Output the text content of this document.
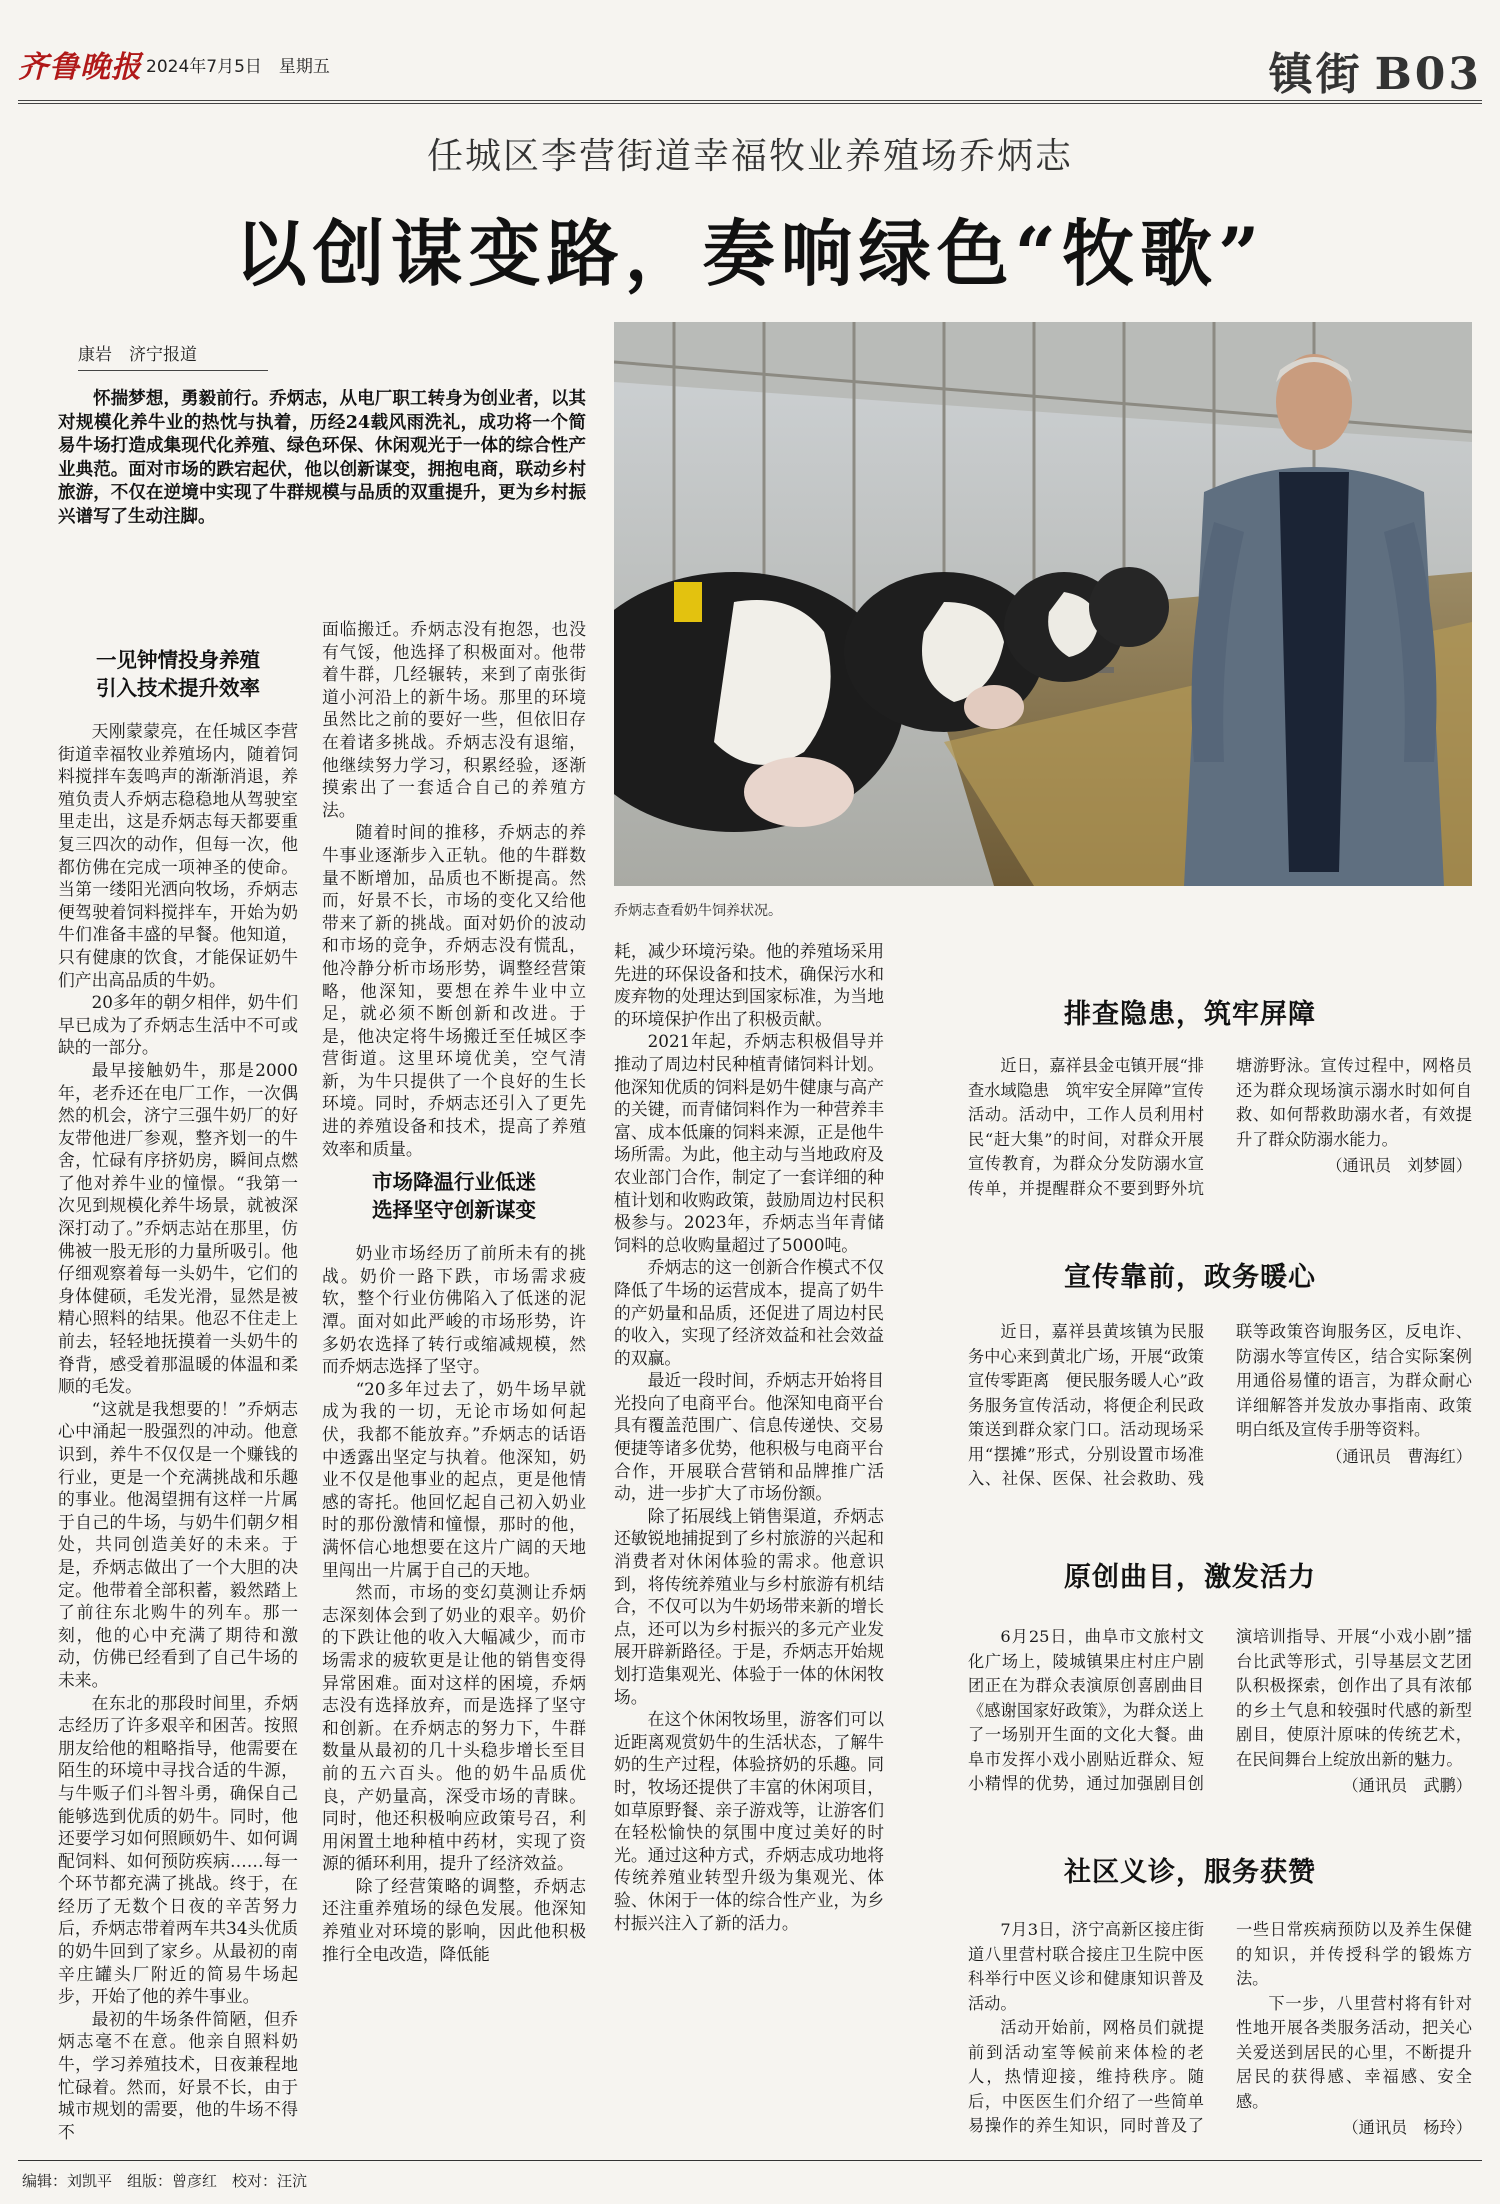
齐鲁晚报 2024年7月5日　星期五	镇街 B03
任城区李营街道幸福牧业养殖场乔炳志
以创谋变路，奏响绿色“牧歌”
康岩　济宁报道
怀揣梦想，勇毅前行。乔炳志，从电厂职工转身为创业者，以其对规模化养牛业的热忱与执着，历经24载风雨洗礼，成功将一个简易牛场打造成集现代化养殖、绿色环保、休闲观光于一体的综合性产业典范。面对市场的跌宕起伏，他以创新谋变，拥抱电商，联动乡村旅游，不仅在逆境中实现了牛群规模与品质的双重提升，更为乡村振兴谱写了生动注脚。
乔炳志查看奶牛饲养状况。
一见钟情投身养殖
引入技术提升效率

天刚蒙蒙亮，在任城区李营街道幸福牧业养殖场内，随着饲料搅拌车轰鸣声的渐渐消退，养殖负责人乔炳志稳稳地从驾驶室里走出，这是乔炳志每天都要重复三四次的动作，但每一次，他都仿佛在完成一项神圣的使命。当第一缕阳光洒向牧场，乔炳志便驾驶着饲料搅拌车，开始为奶牛们准备丰盛的早餐。他知道，只有健康的饮食，才能保证奶牛们产出高品质的牛奶。

20多年的朝夕相伴，奶牛们早已成为了乔炳志生活中不可或缺的一部分。

最早接触奶牛，那是2000年，老乔还在电厂工作，一次偶然的机会，济宁三强牛奶厂的好友带他进厂参观，整齐划一的牛舍，忙碌有序挤奶房，瞬间点燃了他对养牛业的憧憬。“我第一次见到规模化养牛场景，就被深深打动了。”乔炳志站在那里，仿佛被一股无形的力量所吸引。他仔细观察着每一头奶牛，它们的身体健硕，毛发光滑，显然是被精心照料的结果。他忍不住走上前去，轻轻地抚摸着一头奶牛的脊背，感受着那温暖的体温和柔顺的毛发。

“这就是我想要的！”乔炳志心中涌起一股强烈的冲动。他意识到，养牛不仅仅是一个赚钱的行业，更是一个充满挑战和乐趣的事业。他渴望拥有这样一片属于自己的牛场，与奶牛们朝夕相处，共同创造美好的未来。于是，乔炳志做出了一个大胆的决定。他带着全部积蓄，毅然踏上了前往东北购牛的列车。那一刻，他的心中充满了期待和激动，仿佛已经看到了自己牛场的未来。

在东北的那段时间里，乔炳志经历了许多艰辛和困苦。按照朋友给他的粗略指导，他需要在陌生的环境中寻找合适的牛源，与牛贩子们斗智斗勇，确保自己能够选到优质的奶牛。同时，他还要学习如何照顾奶牛、如何调配饲料、如何预防疾病……每一个环节都充满了挑战。终于，在经历了无数个日夜的辛苦努力后，乔炳志带着两车共34头优质的奶牛回到了家乡。从最初的南辛庄罐头厂附近的简易牛场起步，开始了他的养牛事业。

最初的牛场条件简陋，但乔炳志毫不在意。他亲自照料奶牛，学习养殖技术，日夜兼程地忙碌着。然而，好景不长，由于城市规划的需要，他的牛场不得不

面临搬迁。乔炳志没有抱怨，也没有气馁，他选择了积极面对。他带着牛群，几经辗转，来到了南张街道小河沿上的新牛场。那里的环境虽然比之前的要好一些，但依旧存在着诸多挑战。乔炳志没有退缩，他继续努力学习，积累经验，逐渐摸索出了一套适合自己的养殖方法。

随着时间的推移，乔炳志的养牛事业逐渐步入正轨。他的牛群数量不断增加，品质也不断提高。然而，好景不长，市场的变化又给他带来了新的挑战。面对奶价的波动和市场的竞争，乔炳志没有慌乱，他冷静分析市场形势，调整经营策略，他深知，要想在养牛业中立足，就必须不断创新和改进。于是，他决定将牛场搬迁至任城区李营街道。这里环境优美，空气清新，为牛只提供了一个良好的生长环境。同时，乔炳志还引入了更先进的养殖设备和技术，提高了养殖效率和质量。

市场降温行业低迷
选择坚守创新谋变

奶业市场经历了前所未有的挑战。奶价一路下跌，市场需求疲软，整个行业仿佛陷入了低迷的泥潭。面对如此严峻的市场形势，许多奶农选择了转行或缩减规模，然而乔炳志选择了坚守。

“20多年过去了，奶牛场早就成为我的一切，无论市场如何起伏，我都不能放弃。”乔炳志的话语中透露出坚定与执着。他深知，奶业不仅是他事业的起点，更是他情感的寄托。他回忆起自己初入奶业时的那份激情和憧憬，那时的他，满怀信心地想要在这片广阔的天地里闯出一片属于自己的天地。

然而，市场的变幻莫测让乔炳志深刻体会到了奶业的艰辛。奶价的下跌让他的收入大幅减少，而市场需求的疲软更是让他的销售变得异常困难。面对这样的困境，乔炳志没有选择放弃，而是选择了坚守和创新。在乔炳志的努力下，牛群数量从最初的几十头稳步增长至目前的五六百头。他的奶牛品质优良，产奶量高，深受市场的青睐。同时，他还积极响应政策号召，利用闲置土地种植中药材，实现了资源的循环利用，提升了经济效益。

除了经营策略的调整，乔炳志还注重养殖场的绿色发展。他深知养殖业对环境的影响，因此他积极推行全电改造，降低能

耗，减少环境污染。他的养殖场采用先进的环保设备和技术，确保污水和废弃物的处理达到国家标准，为当地的环境保护作出了积极贡献。

2021年起，乔炳志积极倡导并推动了周边村民种植青储饲料计划。他深知优质的饲料是奶牛健康与高产的关键，而青储饲料作为一种营养丰富、成本低廉的饲料来源，正是他牛场所需。为此，他主动与当地政府及农业部门合作，制定了一套详细的种植计划和收购政策，鼓励周边村民积极参与。2023年，乔炳志当年青储饲料的总收购量超过了5000吨。

乔炳志的这一创新合作模式不仅降低了牛场的运营成本，提高了奶牛的产奶量和品质，还促进了周边村民的收入，实现了经济效益和社会效益的双赢。

最近一段时间，乔炳志开始将目光投向了电商平台。他深知电商平台具有覆盖范围广、信息传递快、交易便捷等诸多优势，他积极与电商平台合作，开展联合营销和品牌推广活动，进一步扩大了市场份额。

除了拓展线上销售渠道，乔炳志还敏锐地捕捉到了乡村旅游的兴起和消费者对休闲体验的需求。他意识到，将传统养殖业与乡村旅游有机结合，不仅可以为牛奶场带来新的增长点，还可以为乡村振兴的多元产业发展开辟新路径。于是，乔炳志开始规划打造集观光、体验于一体的休闲牧场。

在这个休闲牧场里，游客们可以近距离观赏奶牛的生活状态，了解牛奶的生产过程，体验挤奶的乐趣。同时，牧场还提供了丰富的休闲项目，如草原野餐、亲子游戏等，让游客们在轻松愉快的氛围中度过美好的时光。通过这种方式，乔炳志成功地将传统养殖业转型升级为集观光、体验、休闲于一体的综合性产业，为乡村振兴注入了新的活力。

排查隐患，筑牢屏障

近日，嘉祥县金屯镇开展“排查水域隐患　筑牢安全屏障”宣传活动。活动中，工作人员利用村民“赶大集”的时间，对群众开展宣传教育，为群众分发防溺水宣传单，并提醒群众不要到野外坑塘游野泳。宣传过程中，网格员还为群众现场演示溺水时如何自救、如何帮救助溺水者，有效提升了群众防溺水能力。

（通讯员　刘梦圆）

宣传靠前，政务暖心

近日，嘉祥县黄垓镇为民服务中心来到黄北广场，开展“政策宣传零距离　便民服务暖人心”政务服务宣传活动，将便企利民政策送到群众家门口。活动现场采用“摆摊”形式，分别设置市场准入、社保、医保、社会救助、残联等政策咨询服务区，反电诈、防溺水等宣传区，结合实际案例用通俗易懂的语言，为群众耐心详细解答并发放办事指南、政策明白纸及宣传手册等资料。

（通讯员　曹海红）

原创曲目，激发活力

6月25日，曲阜市文旅村文化广场上，陵城镇果庄村庄户剧团正在为群众表演原创喜剧曲目《感谢国家好政策》，为群众送上了一场别开生面的文化大餐。曲阜市发挥小戏小剧贴近群众、短小精悍的优势，通过加强剧目创演培训指导、开展“小戏小剧”擂台比武等形式，引导基层文艺团队积极探索，创作出了具有浓郁的乡土气息和较强时代感的新型剧目，使原汁原味的传统艺术，在民间舞台上绽放出新的魅力。

（通讯员　武鹏）

社区义诊，服务获赞

7月3日，济宁高新区接庄街道八里营村联合接庄卫生院中医科举行中医义诊和健康知识普及活动。

活动开始前，网格员们就提前到活动室等候前来体检的老人，热情迎接，维持秩序。随后，中医医生们介绍了一些简单易操作的养生知识，同时普及了一些日常疾病预防以及养生保健的知识，并传授科学的锻炼方法。

下一步，八里营村将有针对性地开展各类服务活动，把关心关爱送到居民的心里，不断提升居民的获得感、幸福感、安全感。

（通讯员　杨玲）

编辑：刘凯平　组版：曾彦红　校对：汪沆
